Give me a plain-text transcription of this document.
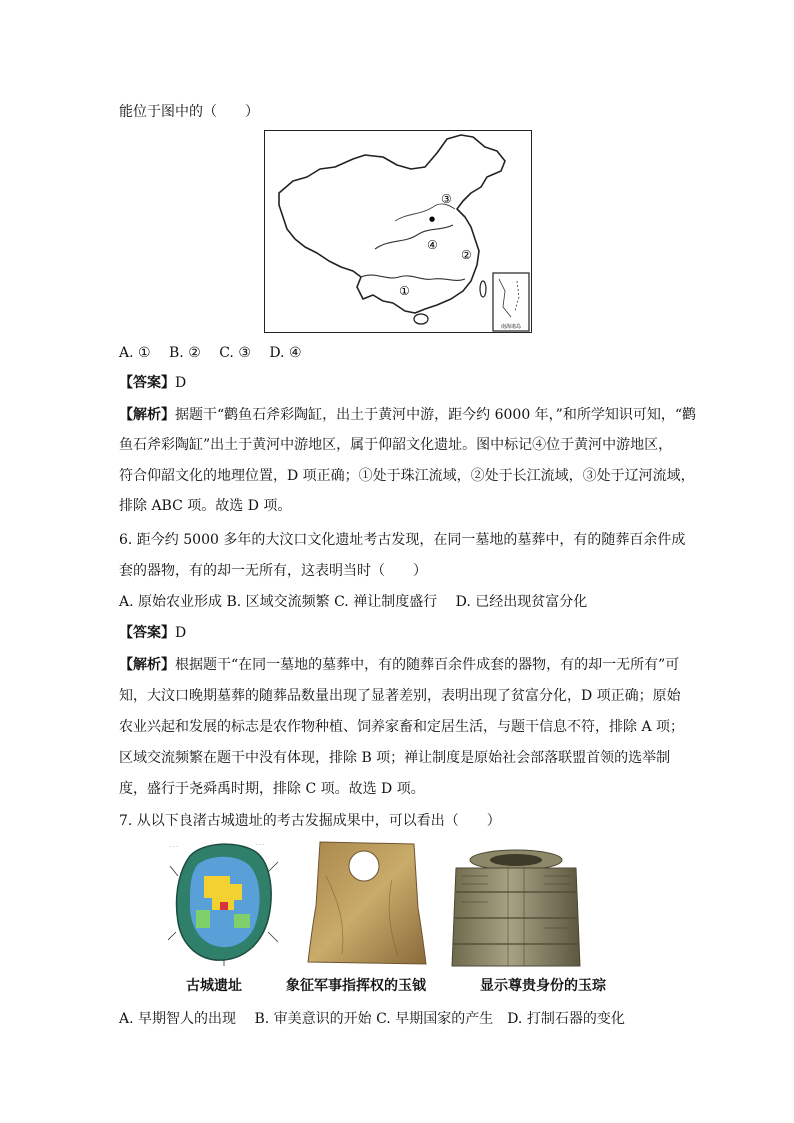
能位于图中的（　　）
③
●
④
②
①
南海诸岛
A. ①　 B. ②　 C. ③　 D. ④
【答案】D
【解析】据题干“鹳鱼石斧彩陶缸，出土于黄河中游，距今约 6000 年，”和所学知识可知，“鹳
鱼石斧彩陶缸”出土于黄河中游地区，属于仰韶文化遗址。图中标记④位于黄河中游地区，
符合仰韶文化的地理位置，D 项正确；①处于珠江流域，②处于长江流域，③处于辽河流域，
排除 ABC 项。故选 D 项。
6. 距今约 5000 多年的大汶口文化遗址考古发现，在同一墓地的墓葬中，有的随葬百余件成
套的器物，有的却一无所有，这表明当时（　　）
A. 原始农业形成 B. 区域交流频繁 C. 禅让制度盛行　 D. 已经出现贫富分化
【答案】D
【解析】根据题干“在同一墓地的墓葬中，有的随葬百余件成套的器物，有的却一无所有”可
知，大汶口晚期墓葬的随葬品数量出现了显著差别，表明出现了贫富分化，D 项正确；原始
农业兴起和发展的标志是农作物种植、饲养家畜和定居生活，与题干信息不符，排除 A 项；
区域交流频繁在题干中没有体现，排除 B 项；禅让制度是原始社会部落联盟首领的选举制
度，盛行于尧舜禹时期，排除 C 项。故选 D 项。
7. 从以下良渚古城遗址的考古发掘成果中，可以看出（　　）
· · ·	· · ·
古城遗址	象征军事指挥权的玉钺	显示尊贵身份的玉琮
A. 早期智人的出现　 B. 审美意识的开始 C. 早期国家的产生　D. 打制石器的变化
